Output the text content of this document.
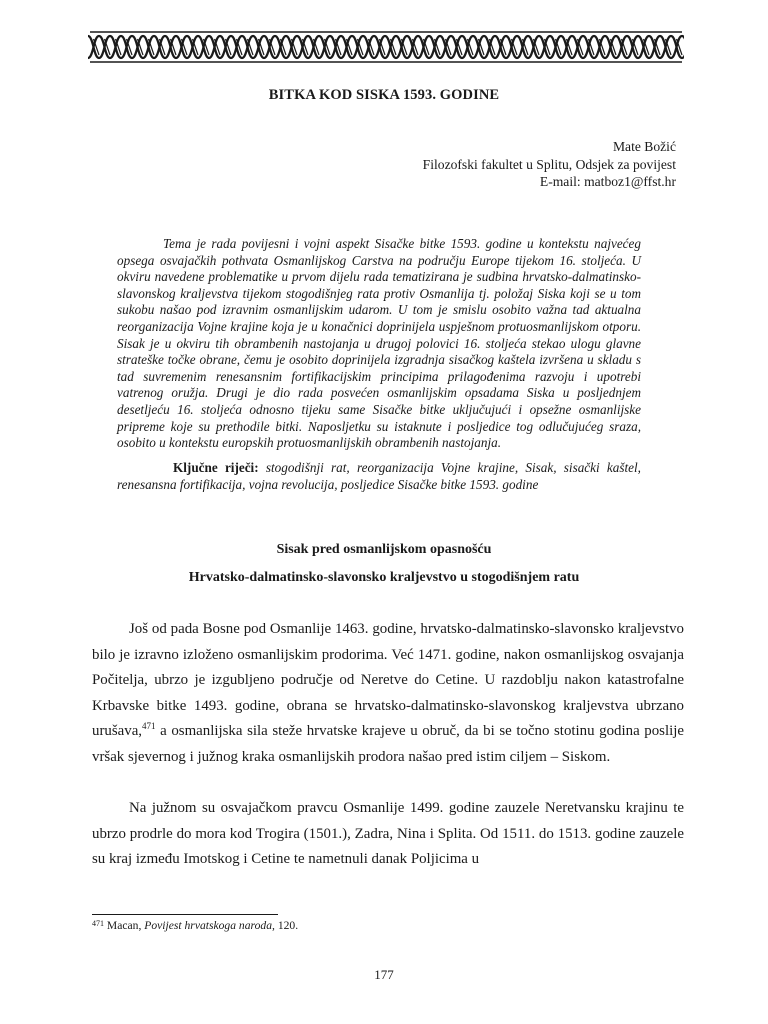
BITKA KOD SISKA 1593. GODINE
Mate Božić
Filozofski fakultet u Splitu, Odsjek za povijest
E-mail: matboz1@ffst.hr

Tema je rada povijesni i vojni aspekt Sisačke bitke 1593. godine u kontekstu najvećeg opsega osvajačkih pothvata Osmanlijskog Carstva na području Europe tijekom 16. stoljeća. U okviru navedene problematike u prvom dijelu rada tematizirana je sudbina hrvatsko-dalmatinsko-slavonskog kraljevstva tijekom stogodišnjeg rata protiv Osmanlija tj. položaj Siska koji se u tom sukobu našao pod izravnim osmanlijskim udarom. U tom je smislu osobito važna tad aktualna reorganizacija Vojne krajine koja je u konačnici doprinijela uspješnom protuosmanlijskom otporu. Sisak je u okviru tih obrambenih nastojanja u drugoj polovici 16. stoljeća stekao ulogu glavne strateške točke obrane, čemu je osobito doprinijela izgradnja sisačkog kaštela izvršena u skladu s tad suvremenim renesansnim fortifikacijskim principima prilagođenima razvoju i upotrebi vatrenog oružja. Drugi je dio rada posvećen osmanlijskim opsadama Siska u posljednjem desetljeću 16. stoljeća odnosno tijeku same Sisačke bitke uključujući i opsežne osmanlijske pripreme koje su prethodile bitki. Naposljetku su istaknute i posljedice tog odlučujućeg sraza, osobito u kontekstu europskih protuosmanlijskih obrambenih nastojanja.

Ključne riječi: stogodišnji rat, reorganizacija Vojne krajine, Sisak, sisački kaštel, renesansna fortifikacija, vojna revolucija, posljedice Sisačke bitke 1593. godine

Sisak pred osmanlijskom opasnošću
Hrvatsko-dalmatinsko-slavonsko kraljevstvo u stogodišnjem ratu

Još od pada Bosne pod Osmanlije 1463. godine, hrvatsko-dalmatinsko-slavonsko kraljevstvo bilo je izravno izloženo osmanlijskim prodorima. Već 1471. godine, nakon osmanlijskog osvajanja Počitelja, ubrzo je izgubljeno područje od Neretve do Cetine. U razdoblju nakon katastrofalne Krbavske bitke 1493. godine, obrana se hrvatsko-dalmatinsko-slavonskog kraljevstva ubrzano urušava,$^{471}$ a osmanlijska sila steže hrvatske krajeve u obruč, da bi se točno stotinu godina poslije vršak sjevernog i južnog kraka osmanlijskih prodora našao pred istim ciljem – Siskom.

Na južnom su osvajačkom pravcu Osmanlije 1499. godine zauzele Neretvansku krajinu te ubrzo prodrle do mora kod Trogira (1501.), Zadra, Nina i Splita. Od 1511. do 1513. godine zauzele su kraj između Imotskog i Cetine te nametnuli danak Poljicima u

$^{471}$ Macan, Povijest hrvatskoga naroda, 120.
177
